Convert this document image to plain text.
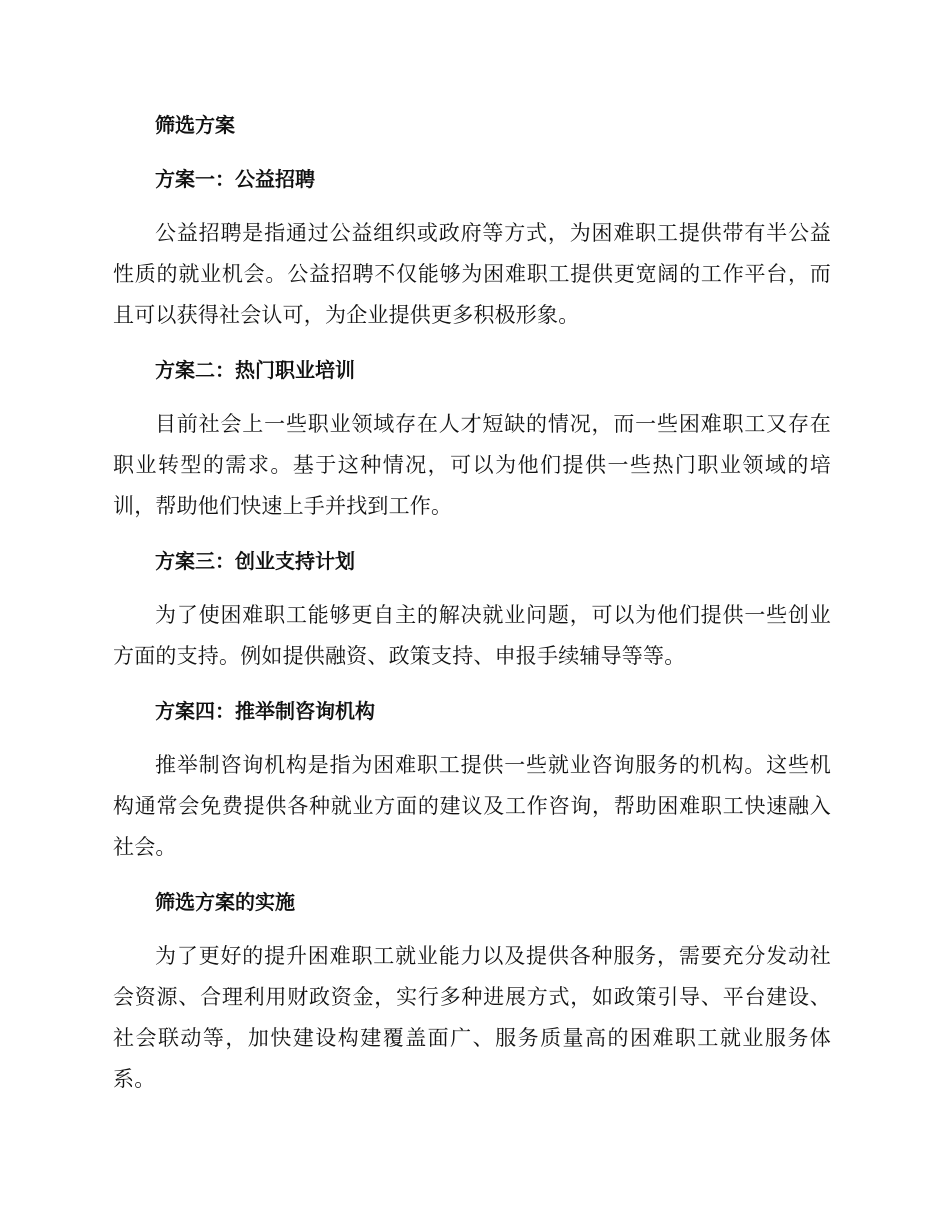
筛选方案
方案一：公益招聘

公益招聘是指通过公益组织或政府等方式，为困难职工提供带有半公益性质的就业机会。公益招聘不仅能够为困难职工提供更宽阔的工作平台，而且可以获得社会认可，为企业提供更多积极形象。

方案二：热门职业培训

目前社会上一些职业领域存在人才短缺的情况，而一些困难职工又存在职业转型的需求。基于这种情况，可以为他们提供一些热门职业领域的培训，帮助他们快速上手并找到工作。

方案三：创业支持计划

为了使困难职工能够更自主的解决就业问题，可以为他们提供一些创业方面的支持。例如提供融资、政策支持、申报手续辅导等等。

方案四：推举制咨询机构

推举制咨询机构是指为困难职工提供一些就业咨询服务的机构。这些机构通常会免费提供各种就业方面的建议及工作咨询，帮助困难职工快速融入社会。

筛选方案的实施

为了更好的提升困难职工就业能力以及提供各种服务，需要充分发动社会资源、合理利用财政资金，实行多种进展方式，如政策引导、平台建设、社会联动等，加快建设构建覆盖面广、服务质量高的困难职工就业服务体系。
